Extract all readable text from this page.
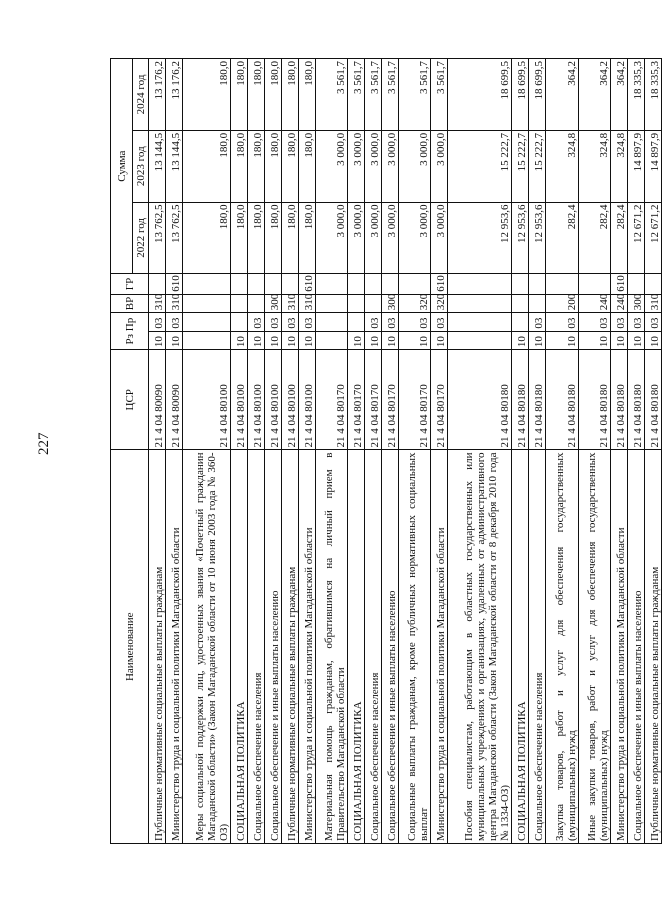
227
Наименование	ЦСР	Рз Пр		ВР	ГР	Сумма		
						2022 год	2023 год	2024 год
Публичные нормативные социальные выплаты гражданам	21 4 04 80090	10	03	310		13 762,5	13 144,5	13 176,2
Министерство труда и социальной политики Магаданской области	21 4 04 80090	10	03	310	610	13 762,5	13 144,5	13 176,2
Меры социальной поддержки лиц, удостоенных звания «Почетный гражданин Магаданской области» (Закон Магаданской области от 10 июня 2003 года № 360-ОЗ)	21 4 04 80100					180,0	180,0	180,0
СОЦИАЛЬНАЯ ПОЛИТИКА	21 4 04 80100	10				180,0	180,0	180,0
Социальное обеспечение населения	21 4 04 80100	10	03			180,0	180,0	180,0
Социальное обеспечение и иные выплаты населению	21 4 04 80100	10	03	300		180,0	180,0	180,0
Публичные нормативные социальные выплаты гражданам	21 4 04 80100	10	03	310		180,0	180,0	180,0
Министерство труда и социальной политики Магаданской области	21 4 04 80100	10	03	310	610	180,0	180,0	180,0
Материальная помощь гражданам, обратившимся на личный прием в Правительство Магаданской области	21 4 04 80170					3 000,0	3 000,0	3 561,7
СОЦИАЛЬНАЯ ПОЛИТИКА	21 4 04 80170	10				3 000,0	3 000,0	3 561,7
Социальное обеспечение населения	21 4 04 80170	10	03			3 000,0	3 000,0	3 561,7
Социальное обеспечение и иные выплаты населению	21 4 04 80170	10	03	300		3 000,0	3 000,0	3 561,7
Социальные выплаты гражданам, кроме публичных нормативных социальных выплат	21 4 04 80170	10	03	320		3 000,0	3 000,0	3 561,7
Министерство труда и социальной политики Магаданской области	21 4 04 80170	10	03	320	610	3 000,0	3 000,0	3 561,7
Пособия специалистам, работающим в областных государственных или муниципальных учреждениях и организациях, удаленных от административного центра Магаданской области (Закон Магаданской области от 8 декабря 2010 года № 1334-ОЗ)	21 4 04 80180					12 953,6	15 222,7	18 699,5
СОЦИАЛЬНАЯ ПОЛИТИКА	21 4 04 80180	10				12 953,6	15 222,7	18 699,5
Социальное обеспечение населения	21 4 04 80180	10	03			12 953,6	15 222,7	18 699,5
Закупка товаров, работ и услуг для обеспечения государственных (муниципальных) нужд	21 4 04 80180	10	03	200		282,4	324,8	364,2
Иные закупки товаров, работ и услуг для обеспечения государственных (муниципальных) нужд	21 4 04 80180	10	03	240		282,4	324,8	364,2
Министерство труда и социальной политики Магаданской области	21 4 04 80180	10	03	240	610	282,4	324,8	364,2
Социальное обеспечение и иные выплаты населению	21 4 04 80180	10	03	300		12 671,2	14 897,9	18 335,3
Публичные нормативные социальные выплаты гражданам	21 4 04 80180	10	03	310		12 671,2	14 897,9	18 335,3
